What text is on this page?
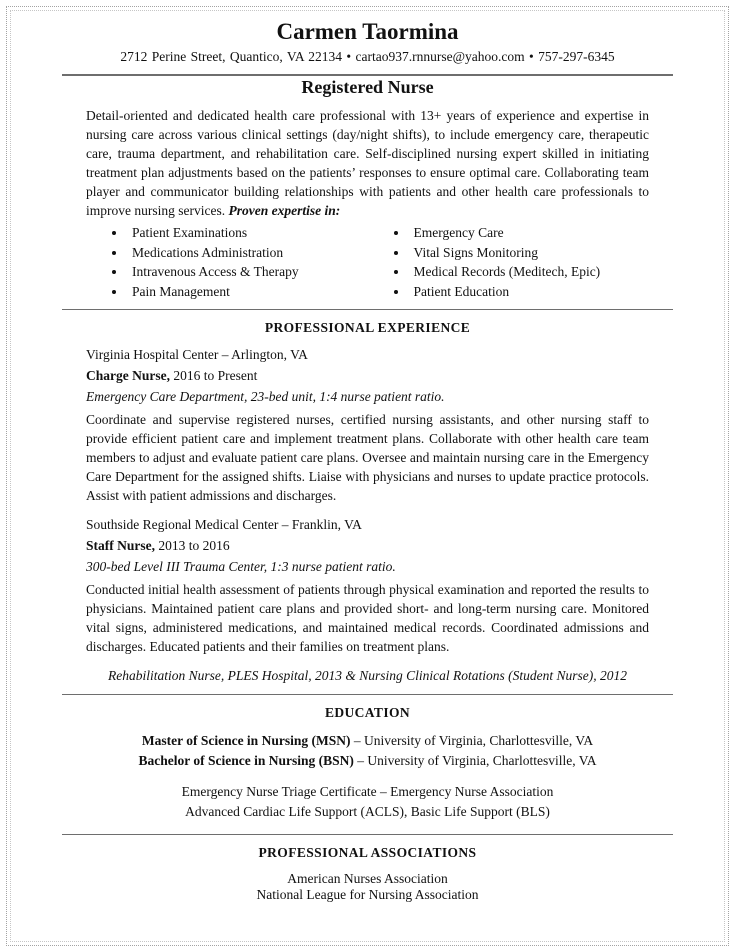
Carmen Taormina

2712 Perine Street, Quantico, VA 22134 • cartao937.rnnurse@yahoo.com • 757-297-6345

Registered Nurse

Detail-oriented and dedicated health care professional with 13+ years of experience and expertise in nursing care across various clinical settings (day/night shifts), to include emergency care, therapeutic care, trauma department, and rehabilitation care. Self-disciplined nursing expert skilled in initiating treatment plan adjustments based on the patients’ responses to ensure optimal care. Collaborating team player and communicator building relationships with patients and other health care professionals to improve nursing services. Proven expertise in:

• Patient Examinations
• Medications Administration
• Intravenous Access & Therapy
• Pain Management
• Emergency Care
• Vital Signs Monitoring
• Medical Records (Meditech, Epic)
• Patient Education
PROFESSIONAL EXPERIENCE

Virginia Hospital Center – Arlington, VA

Charge Nurse, 2016 to Present

Emergency Care Department, 23-bed unit, 1:4 nurse patient ratio.

Coordinate and supervise registered nurses, certified nursing assistants, and other nursing staff to provide efficient patient care and implement treatment plans. Collaborate with other health care team members to adjust and evaluate patient care plans. Oversee and maintain nursing care in the Emergency Care Department for the assigned shifts. Liaise with physicians and nurses to update practice protocols. Assist with patient admissions and discharges.

Southside Regional Medical Center – Franklin, VA

Staff Nurse, 2013 to 2016

300-bed Level III Trauma Center, 1:3 nurse patient ratio.

Conducted initial health assessment of patients through physical examination and reported the results to physicians. Maintained patient care plans and provided short- and long-term nursing care. Monitored vital signs, administered medications, and maintained medical records. Coordinated admissions and discharges. Educated patients and their families on treatment plans.

Rehabilitation Nurse, PLES Hospital, 2013 & Nursing Clinical Rotations (Student Nurse), 2012

EDUCATION

Master of Science in Nursing (MSN) – University of Virginia, Charlottesville, VA

Bachelor of Science in Nursing (BSN) – University of Virginia, Charlottesville, VA

Emergency Nurse Triage Certificate – Emergency Nurse Association

Advanced Cardiac Life Support (ACLS), Basic Life Support (BLS)

PROFESSIONAL ASSOCIATIONS

American Nurses Association

National League for Nursing Association
